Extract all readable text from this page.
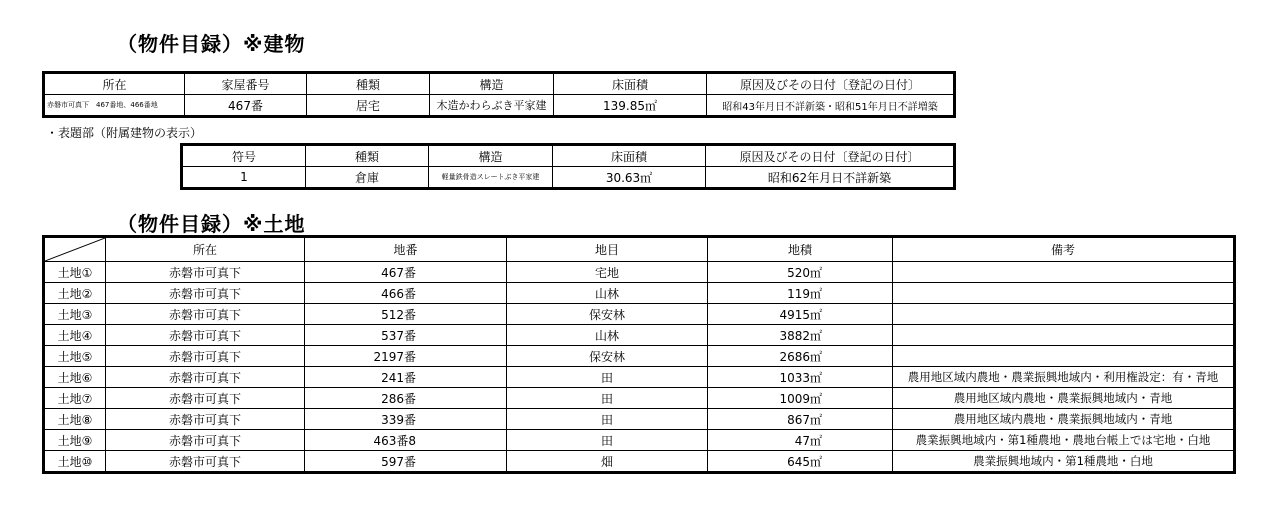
（物件目録）※建物
所在	家屋番号	種類	構造	床面積	原因及びその日付〔登記の日付〕
赤磐市可真下　467番地、466番地	467番	居宅	木造かわらぶき平家建	139.85㎡	昭和43年月日不詳新築・昭和51年月日不詳増築
・表題部（附属建物の表示）
符号	種類	構造	床面積	原因及びその日付〔登記の日付〕
1	倉庫	軽量鉄骨造スレートぶき平家建	30.63㎡	昭和62年月日不詳新築
（物件目録）※土地
	所在	地番	地目	地積	備考
土地①	赤磐市可真下	467番	宅地	520㎡	
土地②	赤磐市可真下	466番	山林	119㎡	
土地③	赤磐市可真下	512番	保安林	4915㎡	
土地④	赤磐市可真下	537番	山林	3882㎡	
土地⑤	赤磐市可真下	2197番	保安林	2686㎡	
土地⑥	赤磐市可真下	241番	田	1033㎡	農用地区域内農地・農業振興地域内・利用権設定：有・青地
土地⑦	赤磐市可真下	286番	田	1009㎡	農用地区域内農地・農業振興地域内・青地
土地⑧	赤磐市可真下	339番	田	867㎡	農用地区域内農地・農業振興地域内・青地
土地⑨	赤磐市可真下	463番8	田	47㎡	農業振興地域内・第1種農地・農地台帳上では宅地・白地
土地⑩	赤磐市可真下	597番	畑	645㎡	農業振興地域内・第1種農地・白地
